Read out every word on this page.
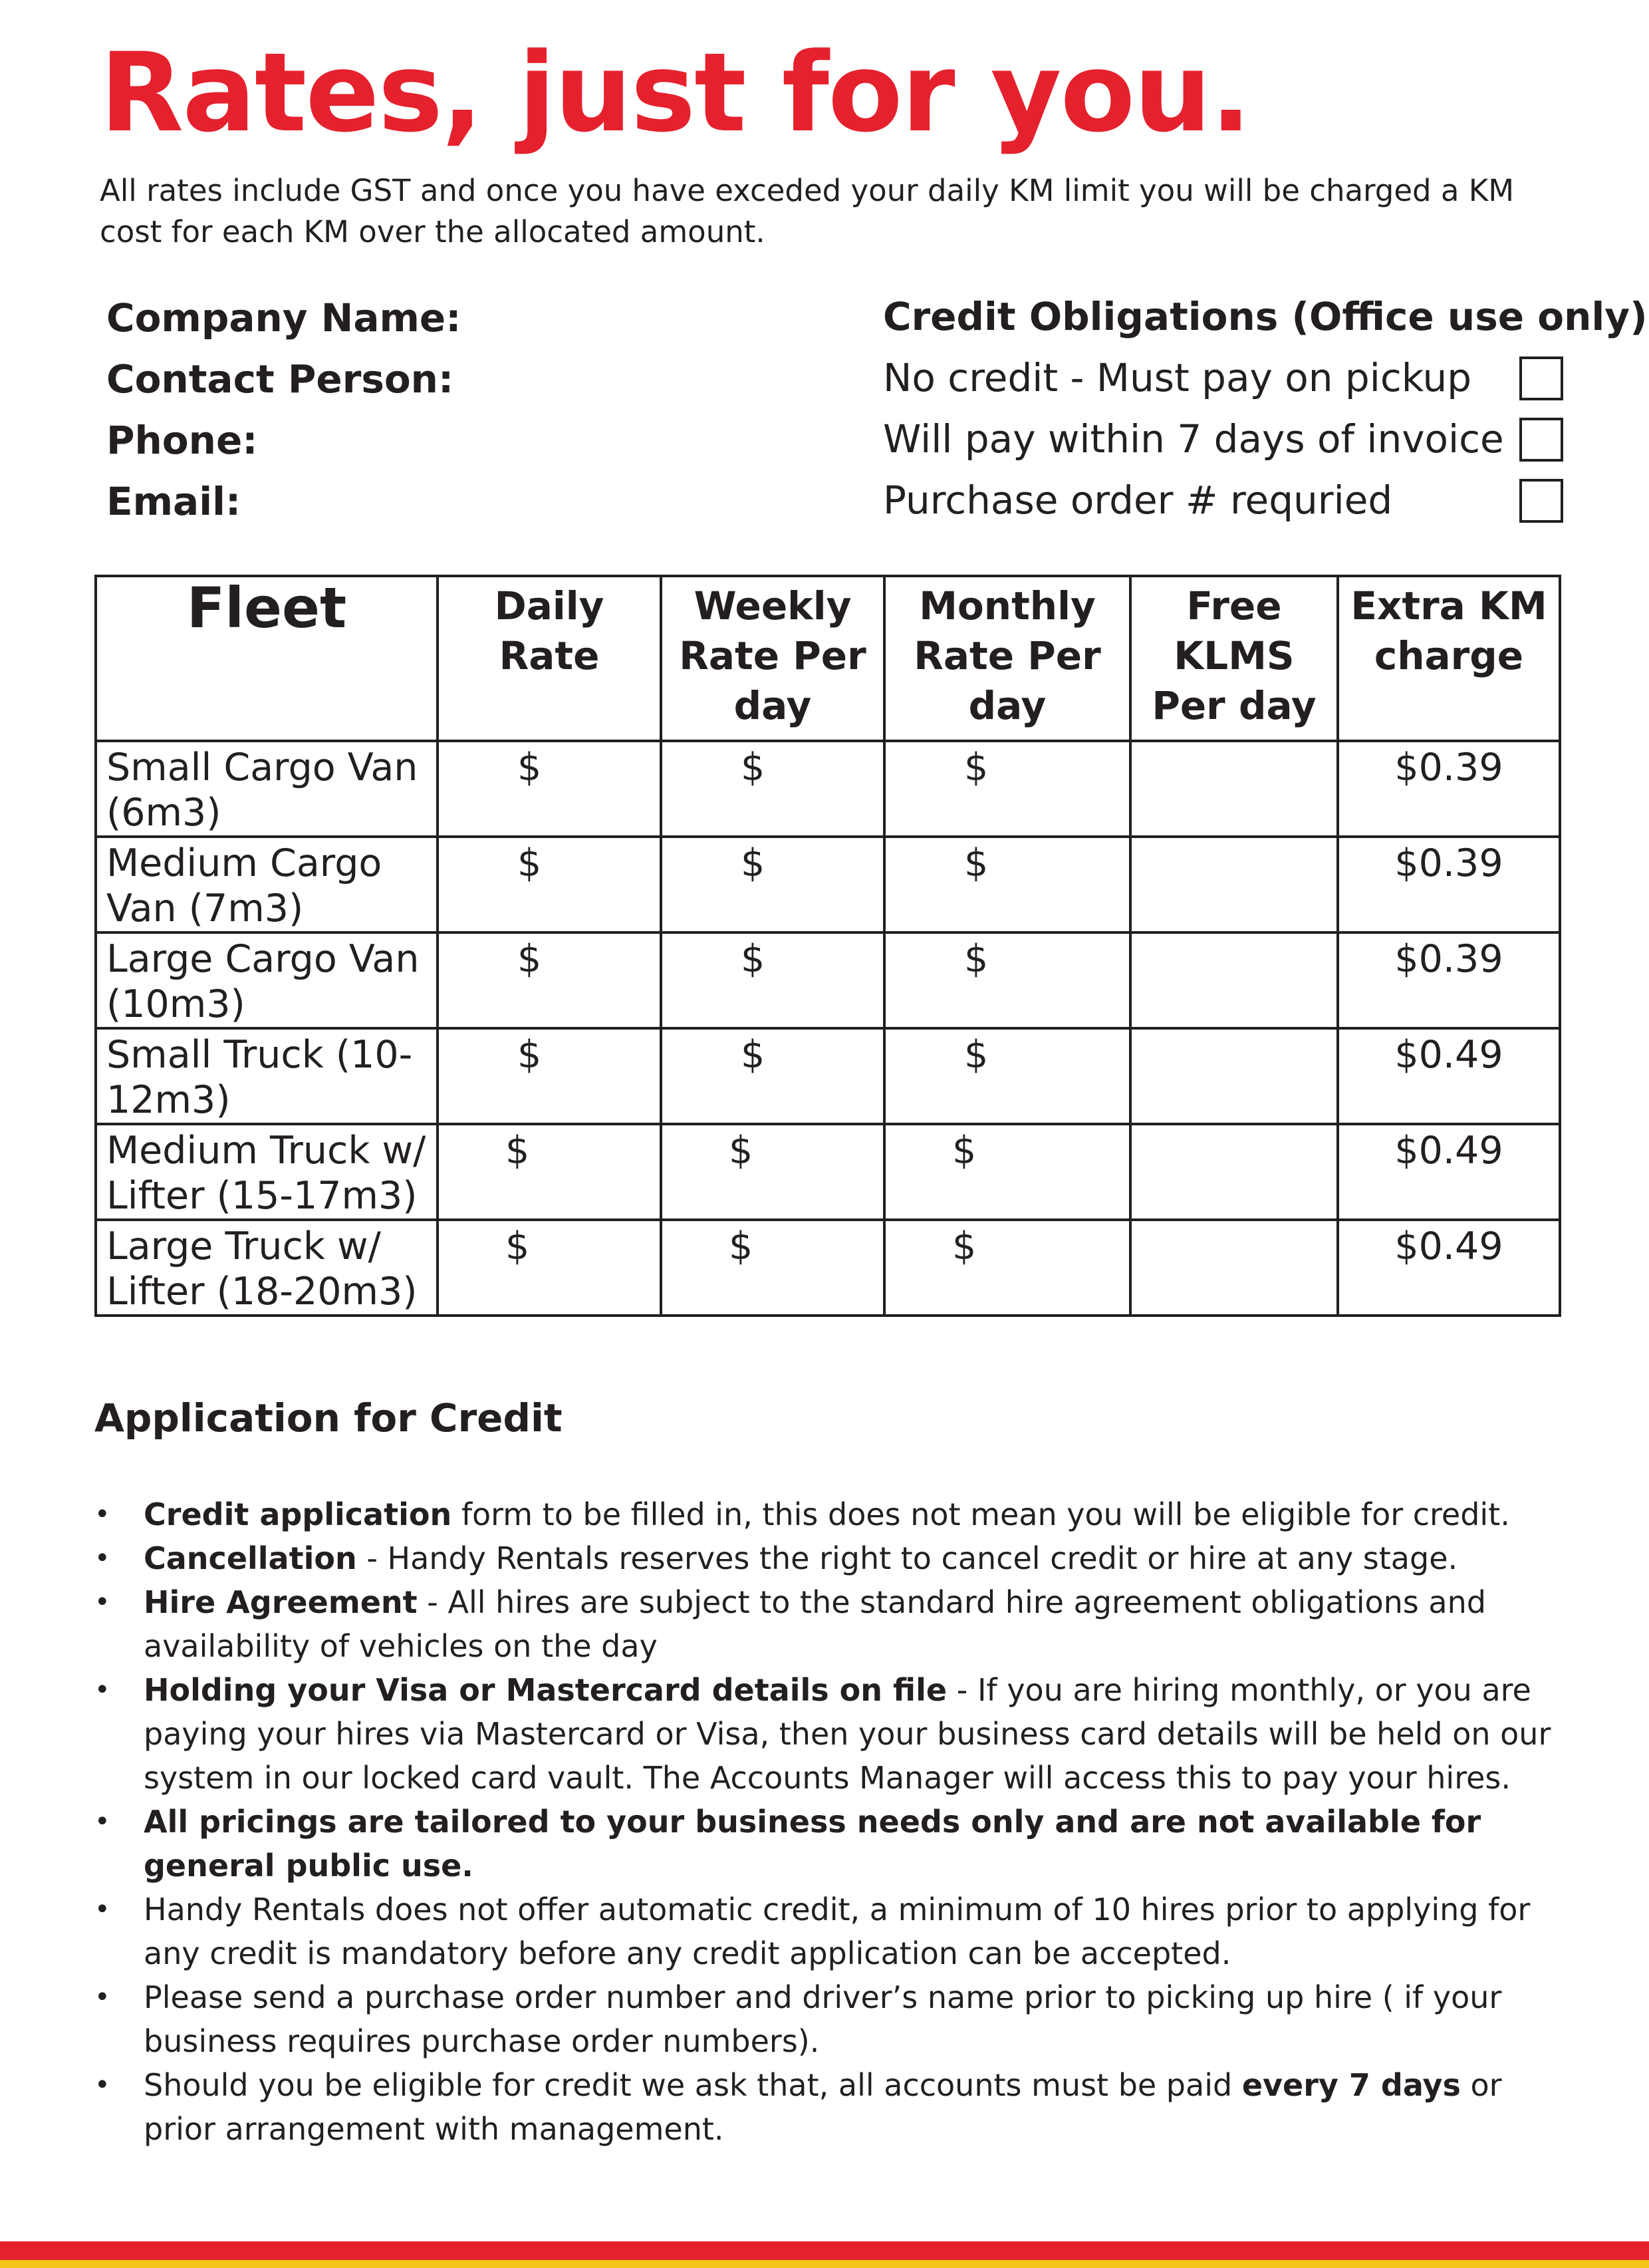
Rates, just for you.

All rates include GST and once you have exceded your daily KM limit you will be charged a KM cost for each KM over the allocated amount.

Company Name:
Contact Person:
Phone:
Email:
Credit Obligations (Office use only)
No credit - Must pay on pickup
Will pay within 7 days of invoice
Purchase order # requried
Fleet	Daily Rate	Weekly Rate Per day	Monthly Rate Per day	Free KLMS Per day	Extra KM charge
Small Cargo Van (6m3)	$	$	$		$0.39
Medium Cargo Van (7m3)	$	$	$		$0.39
Large Cargo Van (10m3)	$	$	$		$0.39
Small Truck (10-12m3)	$	$	$		$0.49
Medium Truck w/ Lifter (15-17m3)	$	$	$		$0.49
Large Truck w/ Lifter (18-20m3)	$	$	$		$0.49
Application for Credit
•	Credit application form to be filled in, this does not mean you will be eligible for credit.
•	Cancellation - Handy Rentals reserves the right to cancel credit or hire at any stage.
•	Hire Agreement - All hires are subject to the standard hire agreement obligations and availability of vehicles on the day
•	Holding your Visa or Mastercard details on file - If you are hiring monthly, or you are paying your hires via Mastercard or Visa, then your business card details will be held on our system in our locked card vault. The Accounts Manager will access this to pay your hires.
•	All pricings are tailored to your business needs only and are not available for general public use.
•	Handy Rentals does not offer automatic credit, a minimum of 10 hires prior to applying for any credit is mandatory before any credit application can be accepted.
•	Please send a purchase order number and driver’s name prior to picking up hire ( if your business requires purchase order numbers).
•	Should you be eligible for credit we ask that, all accounts must be paid every 7 days or prior arrangement with management.
